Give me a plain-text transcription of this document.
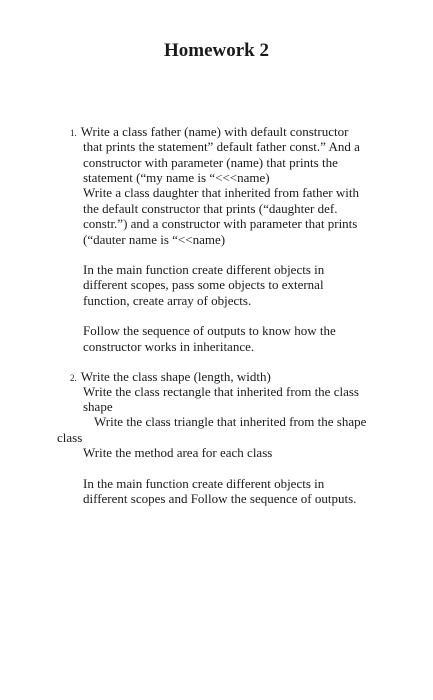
Homework 2
1. Write a class father (name) with default constructor
that prints the statement” default father const.” And a
constructor with parameter (name) that prints the
statement (“my name is “<<<name)
Write a class daughter that inherited from father with
the default constructor that prints (“daughter def.
constr.”) and a constructor with parameter that prints
(“dauter name is “<<name)
In the main function create different objects in
different scopes, pass some objects to external
function, create array of objects.
Follow the sequence of outputs to know how the
constructor works in inheritance.
2. Write the class shape (length, width)
Write the class rectangle that inherited from the class
shape
Write the class triangle that inherited from the shape
class
Write the method area for each class
In the main function create different objects in
different scopes and Follow the sequence of outputs.
